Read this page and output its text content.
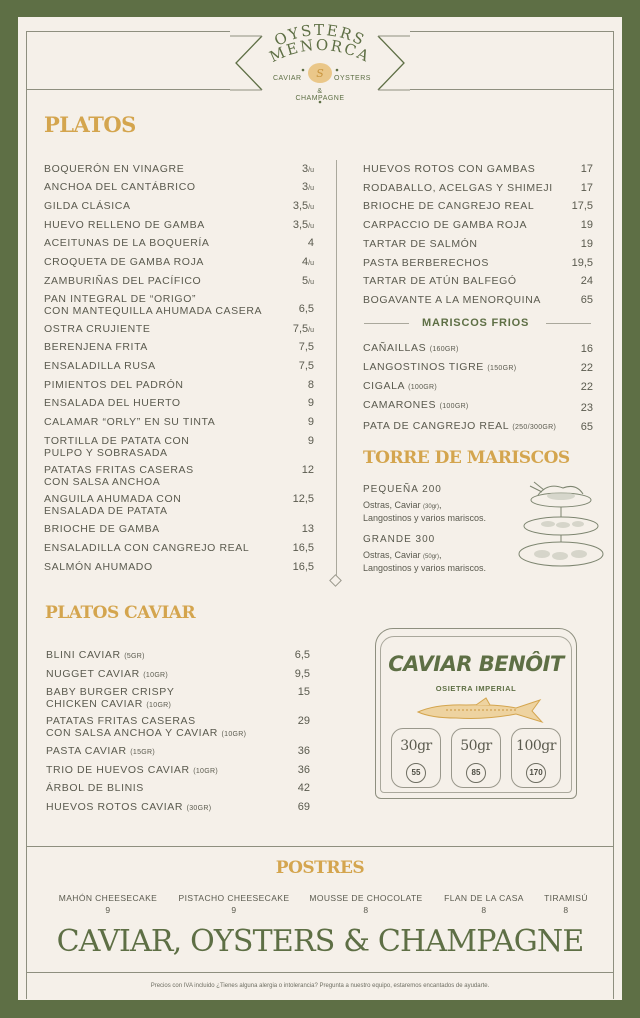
OYSTERS
MENORCA
S
CAVIAR	OYSTERS
& CHAMPAGNE
PLATOS
BOQUERÓN EN VINAGRE	3/u
ANCHOA DEL CANTÁBRICO	3/u
GILDA CLÁSICA	3,5/u
HUEVO RELLENO DE GAMBA	3,5/u
ACEITUNAS DE LA BOQUERÍA	4
CROQUETA DE GAMBA ROJA	4/u
ZAMBURIÑAS DEL PACÍFICO	5/u
PAN INTEGRAL DE “ORIGO”
CON MANTEQUILLA AHUMADA CASERA	6,5
OSTRA CRUJIENTE	7,5/u
BERENJENA FRITA	7,5
ENSALADILLA RUSA	7,5
PIMIENTOS DEL PADRÓN	8
ENSALADA DEL HUERTO	9
CALAMAR “ORLY” EN SU TINTA	9
TORTILLA DE PATATA CON
PULPO Y SOBRASADA
9
PATATAS FRITAS CASERAS
CON SALSA ANCHOA
12
ANGUILA AHUMADA CON
ENSALADA DE PATATA
12,5
BRIOCHE DE GAMBA	13
ENSALADILLA CON CANGREJO REAL	16,5
SALMÓN AHUMADO	16,5
HUEVOS ROTOS CON GAMBAS	17
RODABALLO, ACELGAS Y SHIMEJI	17
BRIOCHE DE CANGREJO REAL	17,5
CARPACCIO DE GAMBA ROJA	19
TARTAR DE SALMÓN	19
PASTA BERBERECHOS	19,5
TARTAR DE ATÚN BALFEGÓ	24
BOGAVANTE A LA MENORQUINA	65
MARISCOS FRIOS
CAÑAILLAS (160GR)	16
LANGOSTINOS TIGRE (150GR)	22
CIGALA (100GR)	22
CAMARONES (100GR)	23
PATA DE CANGREJO REAL (250/300GR)	65
TORRE DE MARISCOS
PEQUEÑA 200
Ostras, Caviar (30gr),
Langostinos y varios mariscos.
GRANDE 300
Ostras, Caviar (50gr),
Langostinos y varios mariscos.
PLATOS CAVIAR
BLINI CAVIAR (5GR)	6,5
NUGGET CAVIAR (10GR)	9,5
BABY BURGER CRISPY
CHICKEN CAVIAR (10GR)
15
PATATAS FRITAS CASERAS
CON SALSA ANCHOA Y CAVIAR (10GR)
29
PASTA CAVIAR (15GR)	36
TRIO DE HUEVOS CAVIAR (10GR)	36
ÁRBOL DE BLINIS	42
HUEVOS ROTOS CAVIAR (30GR)	69
CAVIAR BENÔIT
OSIETRA IMPERIAL
30gr
55
50gr
85
100gr
170
POSTRES
MAHÓN CHEESECAKE
9
PISTACHO CHEESECAKE
9
MOUSSE DE CHOCOLATE
8
FLAN DE LA CASA
8
TIRAMISÚ
8
CAVIAR, OYSTERS & CHAMPAGNE
Precios con IVA incluido ¿Tienes alguna alergia o intolerancia? Pregunta a nuestro equipo, estaremos encantados de ayudarte.
